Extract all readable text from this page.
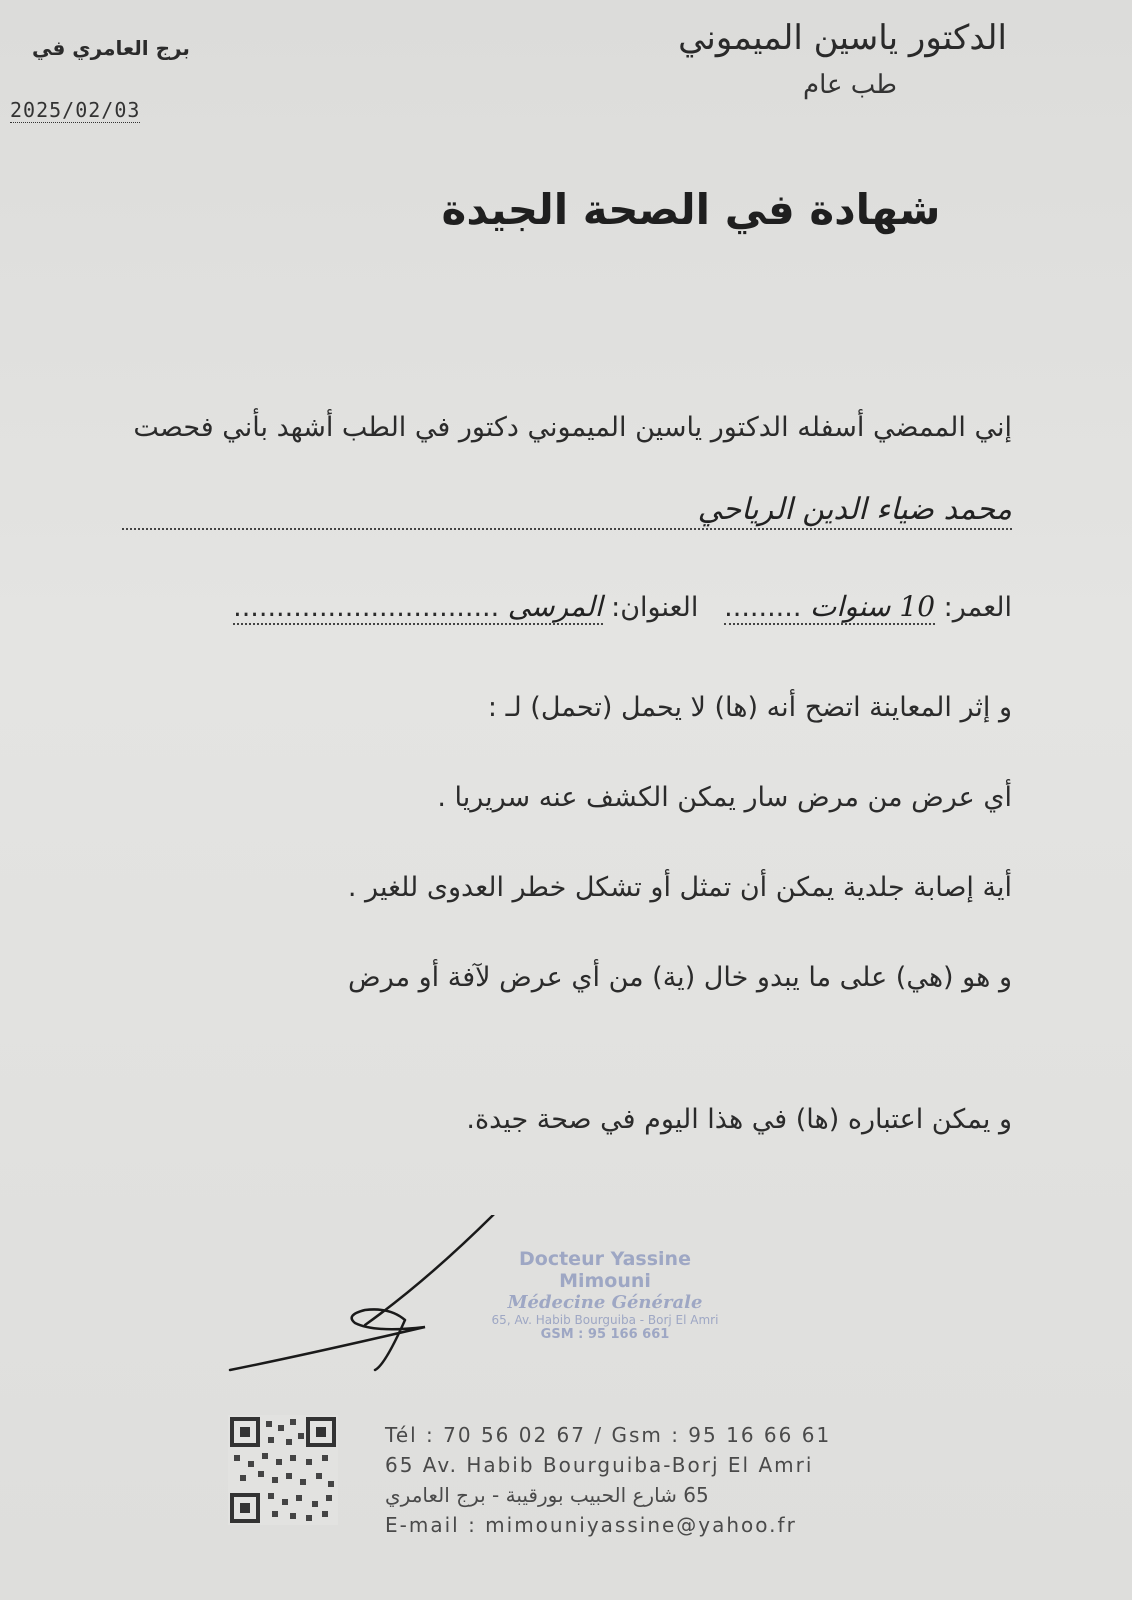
الدكتور ياسين الميموني
طب عام
برج العامري في
2025/02/03
شهادة في الصحة الجيدة
إني الممضي أسفله الدكتور ياسين الميموني دكتور في الطب أشهد بأني فحصت
محمد ضياء الدين الرياحي
العمر: 10 سنوات .........   العنوان: المرسى ...............................
و إثر المعاينة اتضح أنه (ها) لا يحمل (تحمل) لـ :
أي عرض من مرض سار يمكن الكشف عنه سريريا .
أية إصابة جلدية يمكن أن تمثل أو تشكل خطر العدوى للغير .
و هو (هي) على ما يبدو خال (ية) من أي عرض لآفة أو مرض
و يمكن اعتباره (ها) في هذا اليوم في صحة جيدة.
Docteur Yassine Mimouni
Médecine Générale
65, Av. Habib Bourguiba - Borj El Amri
GSM : 95 166 661
Tél : 70 56 02 67 / Gsm : 95 16 66 61
65 Av. Habib Bourguiba-Borj El Amri
65 شارع الحبيب بورقيبة - برج العامري
E-mail : mimouniyassine@yahoo.fr
